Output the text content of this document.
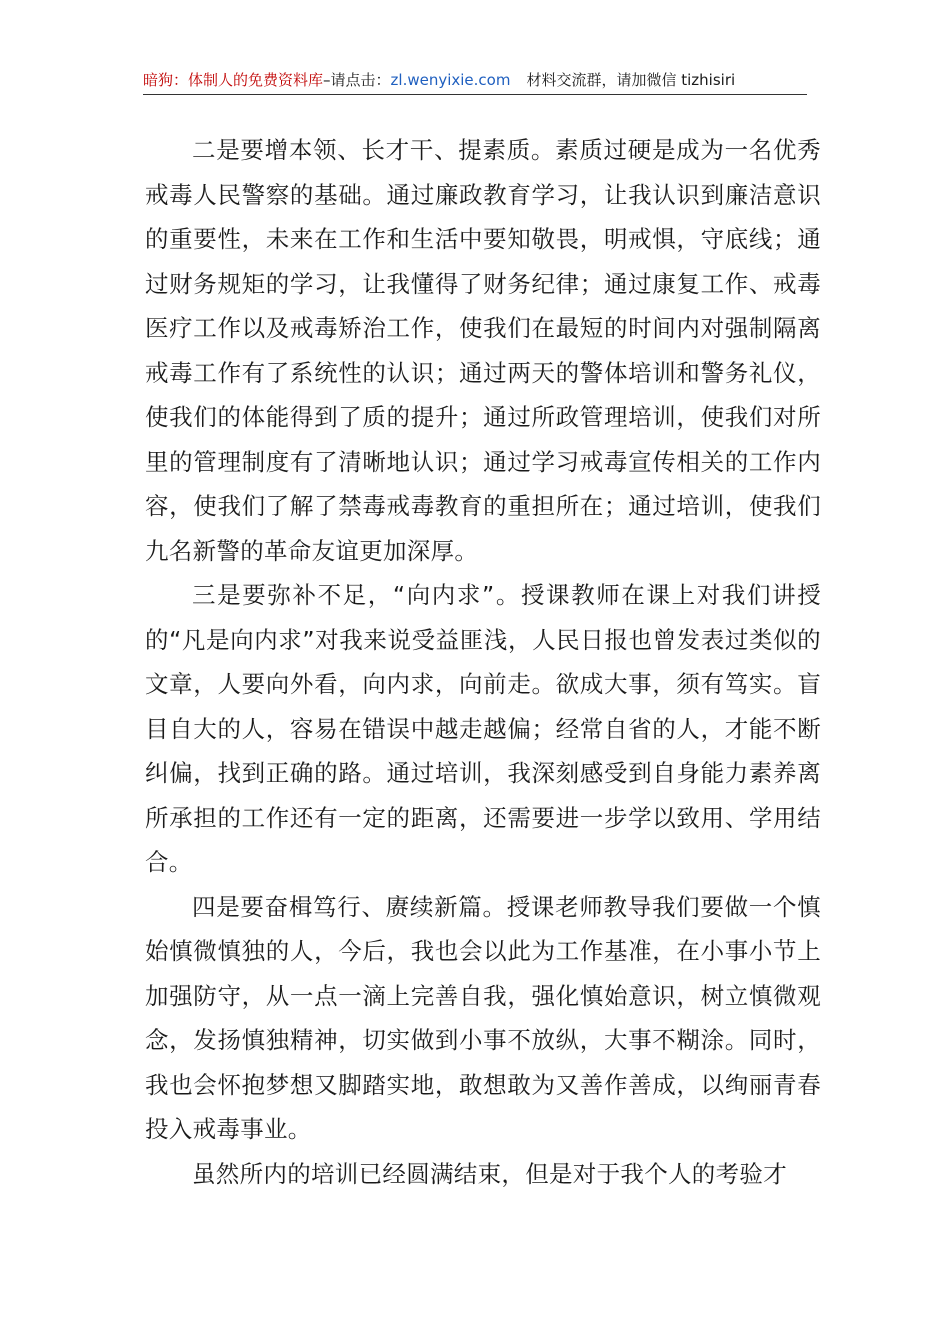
暗狗：体制人的免费资料库–请点击：zl.wenyixie.com 材料交流群，请加微信 tizhisiri

二是要增本领、长才干、提素质。素质过硬是成为一名优秀戒毒人民警察的基础。通过廉政教育学习，让我认识到廉洁意识的重要性，未来在工作和生活中要知敬畏，明戒惧，守底线；通过财务规矩的学习，让我懂得了财务纪律；通过康复工作、戒毒医疗工作以及戒毒矫治工作，使我们在最短的时间内对强制隔离戒毒工作有了系统性的认识；通过两天的警体培训和警务礼仪，使我们的体能得到了质的提升；通过所政管理培训，使我们对所里的管理制度有了清晰地认识；通过学习戒毒宣传相关的工作内容，使我们了解了禁毒戒毒教育的重担所在；通过培训，使我们九名新警的革命友谊更加深厚。

三是要弥补不足，“向内求”。授课教师在课上对我们讲授的“凡是向内求”对我来说受益匪浅，人民日报也曾发表过类似的文章，人要向外看，向内求，向前走。欲成大事，须有笃实。盲目自大的人，容易在错误中越走越偏；经常自省的人，才能不断纠偏，找到正确的路。通过培训，我深刻感受到自身能力素养离所承担的工作还有一定的距离，还需要进一步学以致用、学用结合。

四是要奋楫笃行、赓续新篇。授课老师教导我们要做一个慎始慎微慎独的人，今后，我也会以此为工作基准，在小事小节上加强防守，从一点一滴上完善自我，强化慎始意识，树立慎微观念，发扬慎独精神，切实做到小事不放纵，大事不糊涂。同时，我也会怀抱梦想又脚踏实地，敢想敢为又善作善成，以绚丽青春投入戒毒事业。

虽然所内的培训已经圆满结束，但是对于我个人的考验才
